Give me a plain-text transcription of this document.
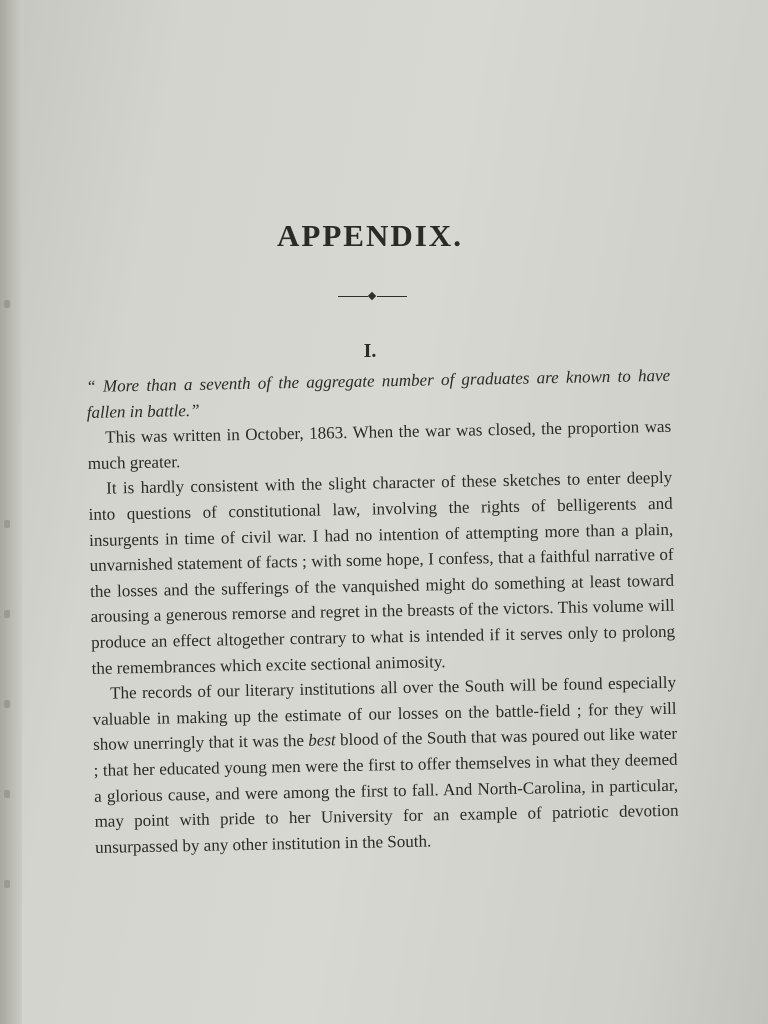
APPENDIX.
I.

“ More than a seventh of the aggregate number of graduates are known to have fallen in battle.”

This was written in October, 1863. When the war was closed, the proportion was much greater.

It is hardly consistent with the slight character of these sketches to enter deeply into questions of constitutional law, involving the rights of belligerents and insurgents in time of civil war. I had no intention of attempting more than a plain, unvarnished statement of facts ; with some hope, I confess, that a faithful narrative of the losses and the sufferings of the vanquished might do something at least toward arousing a generous remorse and regret in the breasts of the victors. This volume will produce an effect altogether contrary to what is intended if it serves only to prolong the remembrances which excite sectional animosity.

The records of our literary institutions all over the South will be found especially valuable in making up the estimate of our losses on the battle-field ; for they will show unerringly that it was the best blood of the South that was poured out like water ; that her educated young men were the first to offer themselves in what they deemed a glorious cause, and were among the first to fall. And North-Carolina, in particular, may point with pride to her University for an example of patriotic devotion unsurpassed by any other institution in the South.
